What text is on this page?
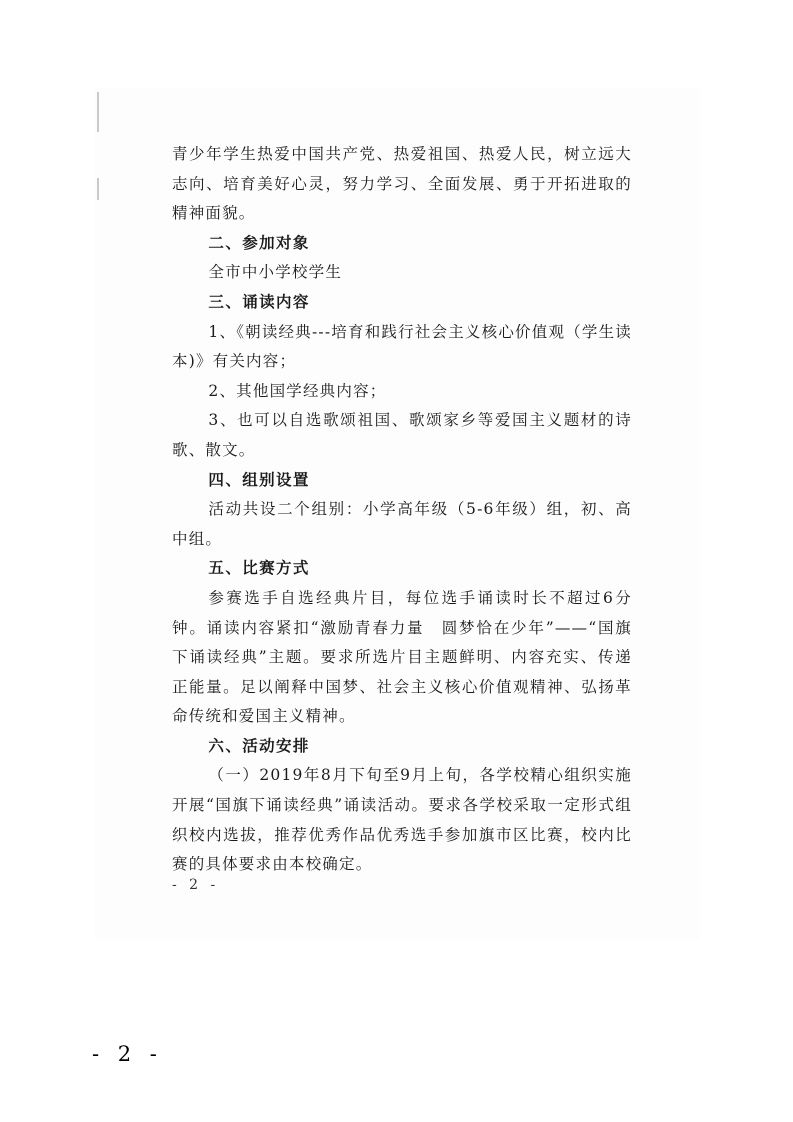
青少年学生热爱中国共产党、热爱祖国、热爱人民，树立远大志向、培育美好心灵，努力学习、全面发展、勇于开拓进取的精神面貌。

二、参加对象

全市中小学校学生

三、诵读内容

1、《朝读经典---培育和践行社会主义核心价值观（学生读本)》有关内容；

2、其他国学经典内容；

3、也可以自选歌颂祖国、歌颂家乡等爱国主义题材的诗歌、散文。

四、组别设置

活动共设二个组别：小学高年级（5-6年级）组，初、高中组。

五、比赛方式

参赛选手自选经典片目，每位选手诵读时长不超过6分钟。诵读内容紧扣“激励青春力量　圆梦恰在少年”——“国旗下诵读经典”主题。要求所选片目主题鲜明、内容充实、传递正能量。足以阐释中国梦、社会主义核心价值观精神、弘扬革命传统和爱国主义精神。

六、活动安排

（一）2019年8月下旬至9月上旬，各学校精心组织实施开展“国旗下诵读经典”诵读活动。要求各学校采取一定形式组织校内选拔，推荐优秀作品优秀选手参加旗市区比赛，校内比赛的具体要求由本校确定。

- 2 -
- 2 -
